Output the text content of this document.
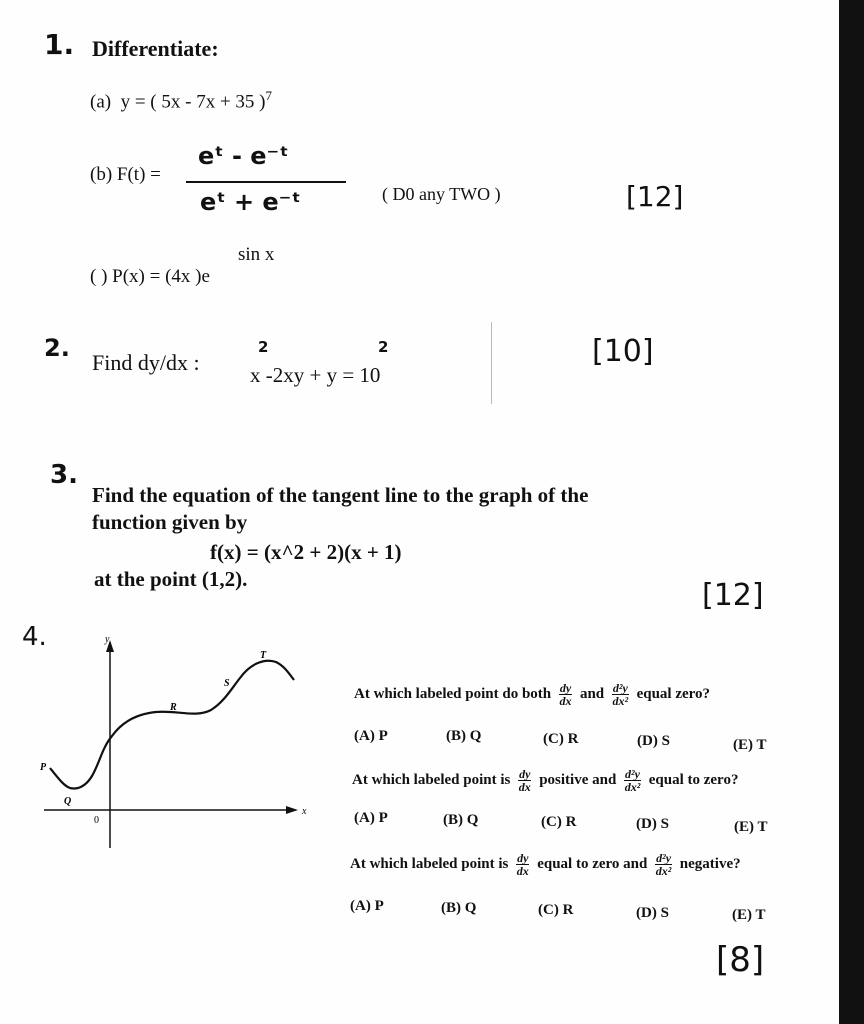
1. Differentiate:
(a) y = ( 5x - 7x + 35 )$^7$
(b) F(t) =
eᵗ - e⁻ᵗ
eᵗ + e⁻ᵗ	( D0 any TWO )	[12]
sin x
( ) P(x) = (4x )e
2.
Find dy/dx :
2	2
x -2xy + y = 10
[10]
3.
Find the equation of the tangent line to the graph of the
function given by
f(x) = (x^2 + 2)(x + 1)
at the point (1,2).	[12]
4.	y
x
0
P
Q
R
S
T
At which labeled point do both $\frac{dy}{dx}$ and $\frac{\text{d²y}}{\text{dx²}}$ equal zero?
(A) P	(B) Q	(C) R	(D) S	(E) T
At which labeled point is $\frac{dy}{dx}$ positive and $\frac{\text{d²y}}{\text{dx²}}$ equal to zero?
(A) P	(B) Q	(C) R	(D) S	(E) T
At which labeled point is $\frac{dy}{dx}$ equal to zero and $\frac{\text{d²y}}{\text{dx²}}$ negative?
(A) P	(B) Q	(C) R	(D) S	(E) T
[8]
